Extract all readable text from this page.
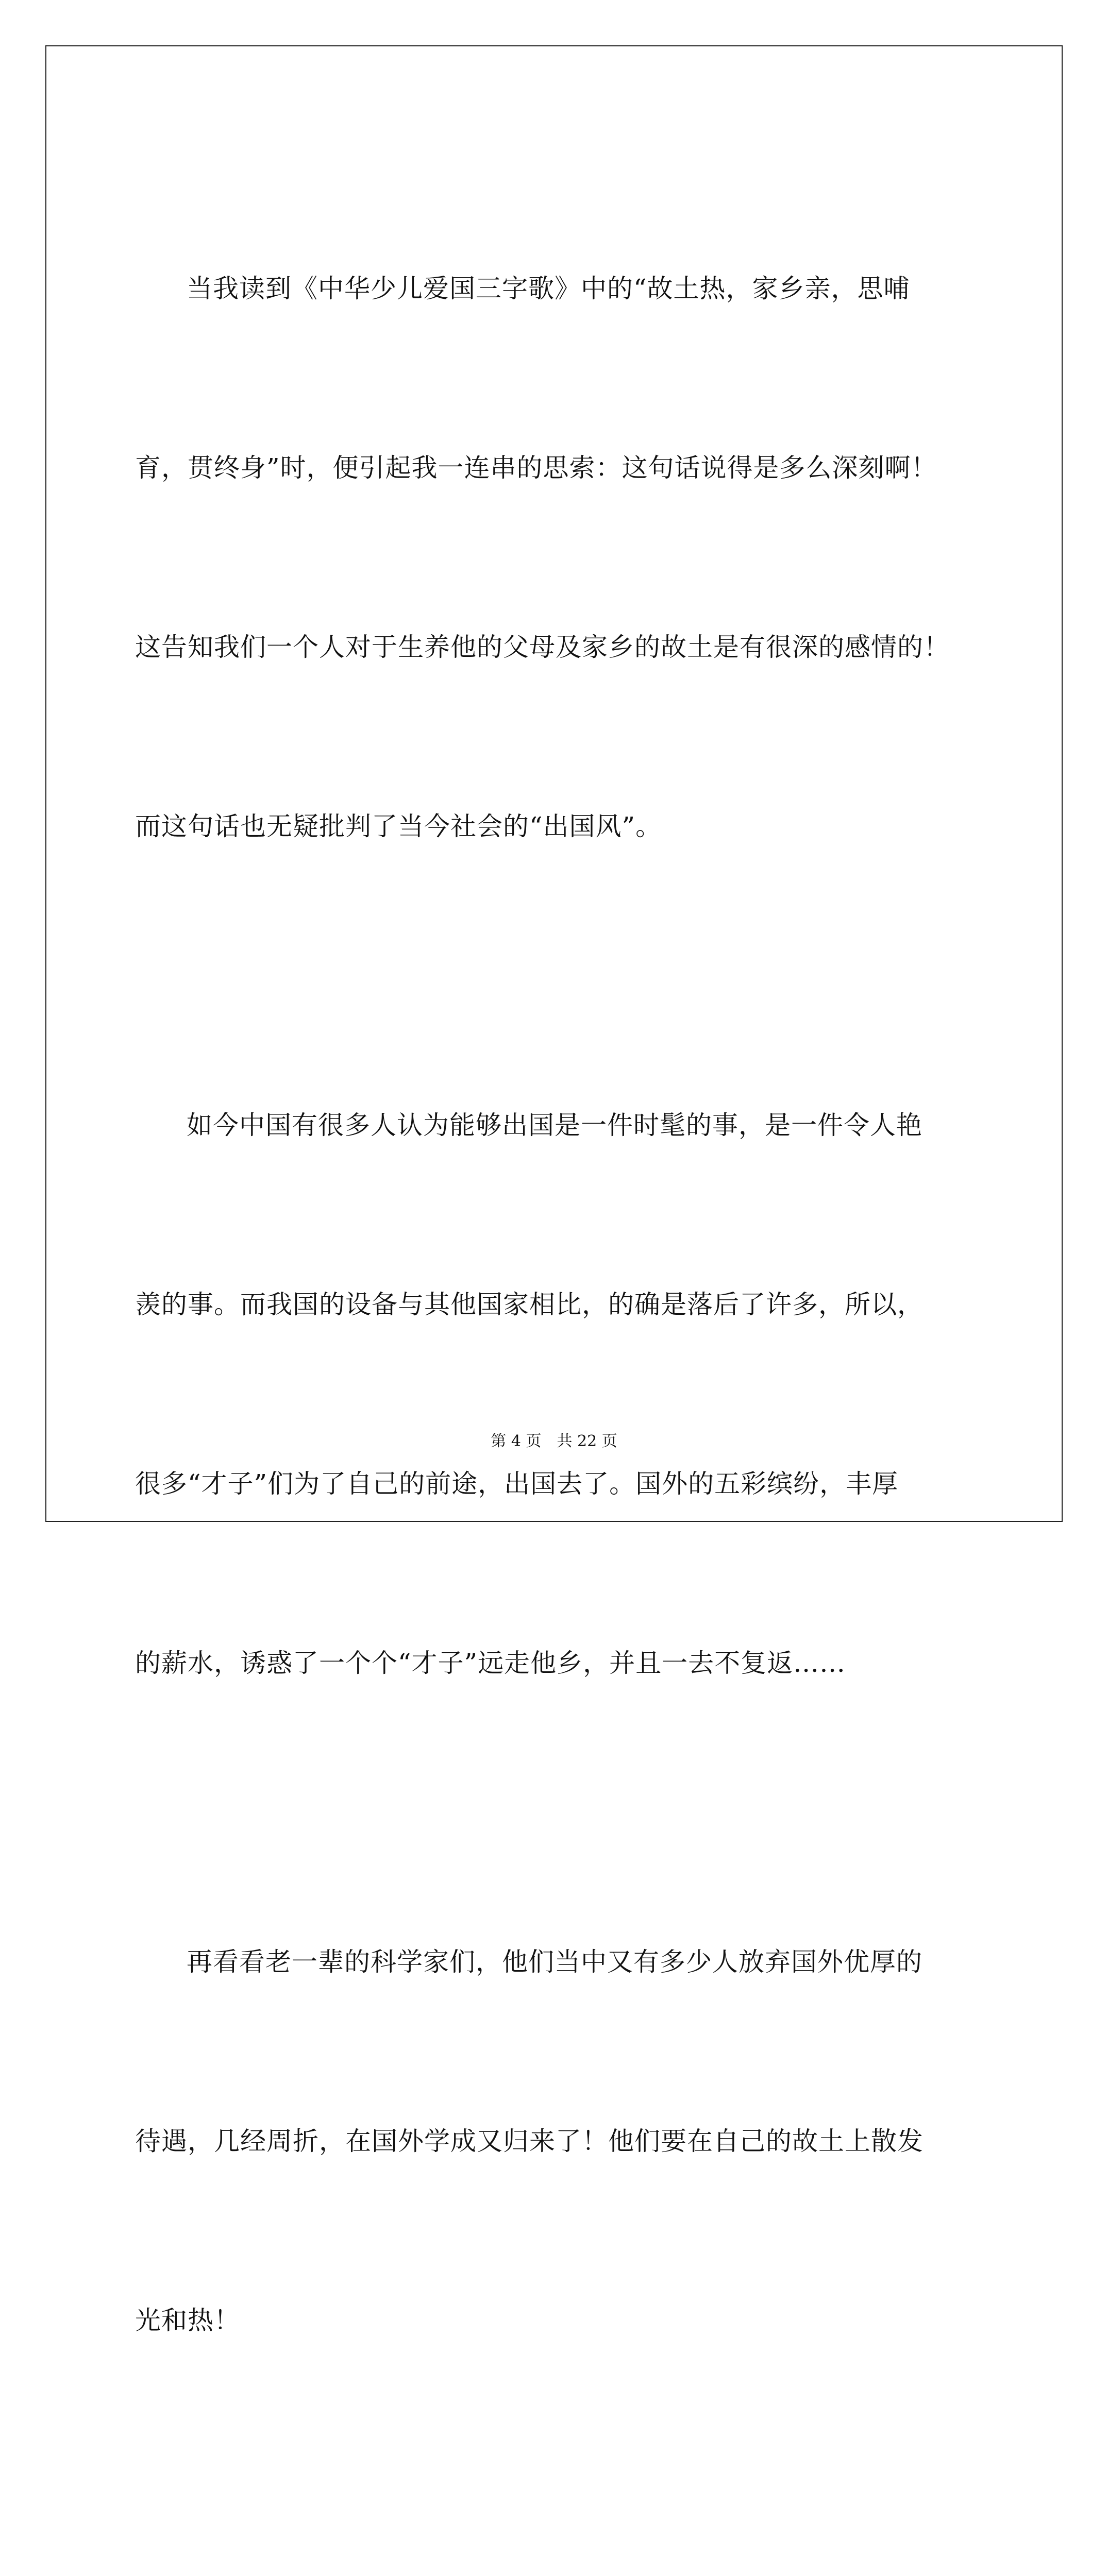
当我读到《中华少儿爱国三字歌》中的“故土热，家乡亲，思哺

育，贯终身”时，便引起我一连串的思索：这句话说得是多么深刻啊！

这告知我们一个人对于生养他的父母及家乡的故土是有很深的感情的！

而这句话也无疑批判了当今社会的“出国风”。

如今中国有很多人认为能够出国是一件时髦的事，是一件令人艳

羡的事。而我国的设备与其他国家相比，的确是落后了许多，所以，

很多“才子”们为了自己的前途，出国去了。国外的五彩缤纷，丰厚

的薪水，诱惑了一个个“才子”远走他乡，并且一去不复返……

再看看老一辈的科学家们，他们当中又有多少人放弃国外优厚的

待遇，几经周折，在国外学成又归来了！他们要在自己的故土上散发

光和热！

第 4 页　共 22 页
